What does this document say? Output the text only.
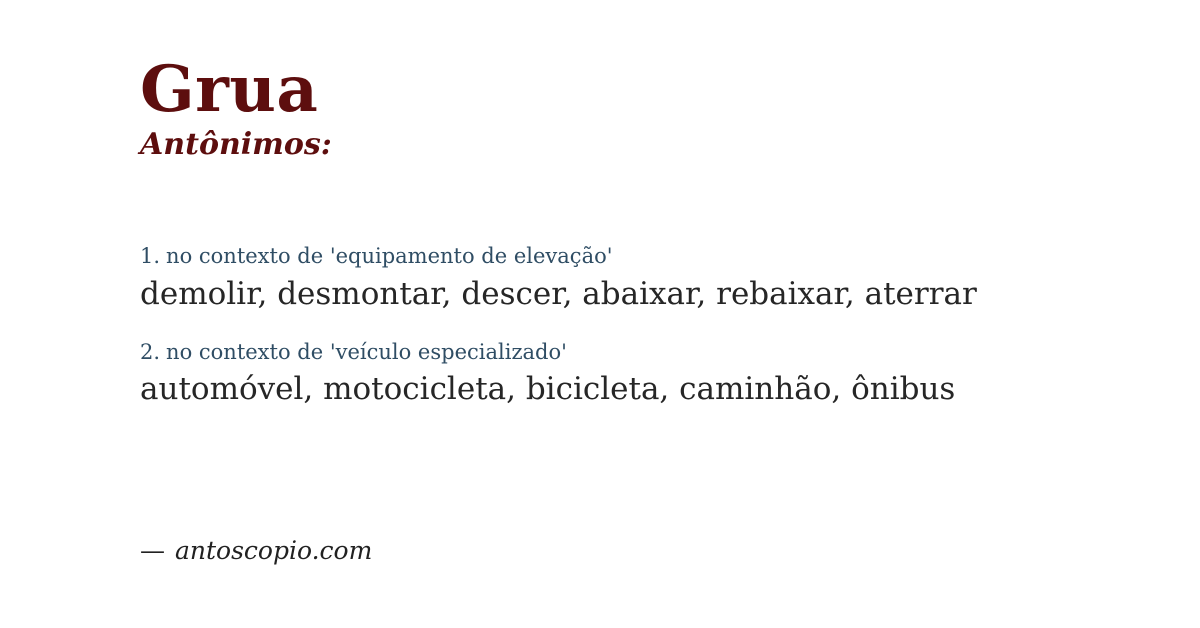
Grua
Antônimos:
1. no contexto de 'equipamento de elevação'
demolir, desmontar, descer, abaixar, rebaixar, aterrar
2. no contexto de 'veículo especializado'
automóvel, motocicleta, bicicleta, caminhão, ônibus
— antoscopio.com
